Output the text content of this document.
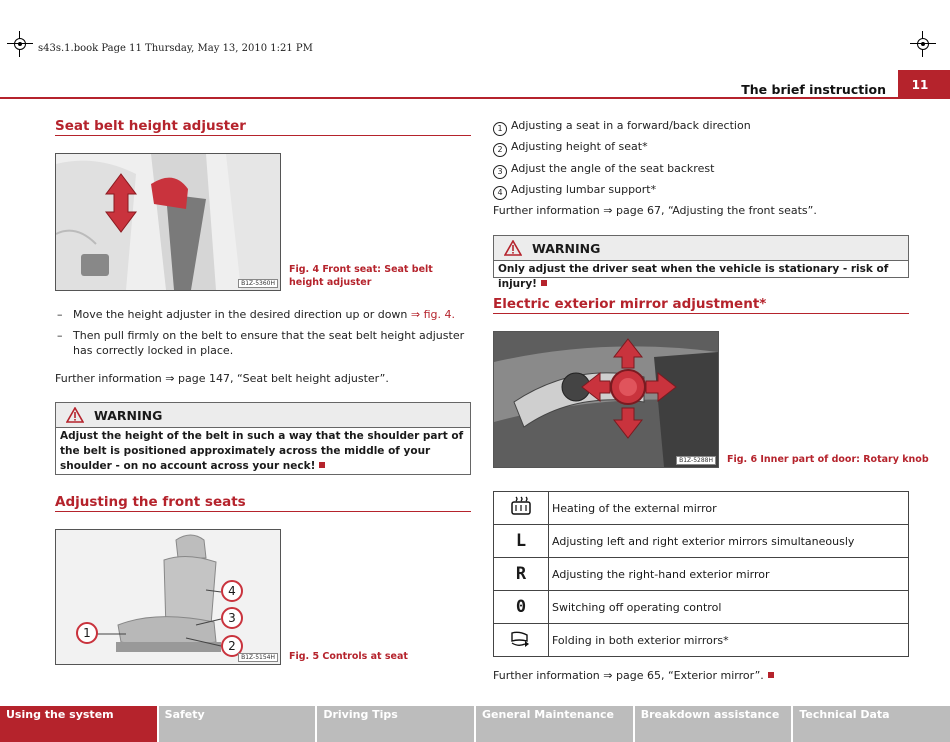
s43s.1.book Page 11 Thursday, May 13, 2010 1:21 PM
The brief instruction 11
Seat belt height adjuster
B1Z-5360H
Fig. 4 Front seat: Seat belt height adjuster
– Move the height adjuster in the desired direction up or down ⇒ fig. 4.
– Then pull firmly on the belt to ensure that the seat belt height adjuster has correctly locked in place.
Further information ⇒ page 147, “Seat belt height adjuster”.
WARNING
Adjust the height of the belt in such a way that the shoulder part of the belt is positioned approximately across the middle of your shoulder - on no account across your neck!
Adjusting the front seats
1
2
3
4
B1Z-5154H	Fig. 5 Controls at seat
1 Adjusting a seat in a forward/back direction
2 Adjusting height of seat*
3 Adjust the angle of the seat backrest
4 Adjusting lumbar support*
Further information ⇒ page 67, “Adjusting the front seats”.
WARNING
Only adjust the driver seat when the vehicle is stationary - risk of injury!
Electric exterior mirror adjustment*
B1Z-5288H	Fig. 6 Inner part of door: Rotary knob
	Heating of the external mirror
L	Adjusting left and right exterior mirrors simultaneously
R	Adjusting the right-hand exterior mirror
0	Switching off operating control
	Folding in both exterior mirrors*
Further information ⇒ page 65, “Exterior mirror”.
Using the system	Safety	Driving Tips	General Maintenance	Breakdown assistance	Technical Data
